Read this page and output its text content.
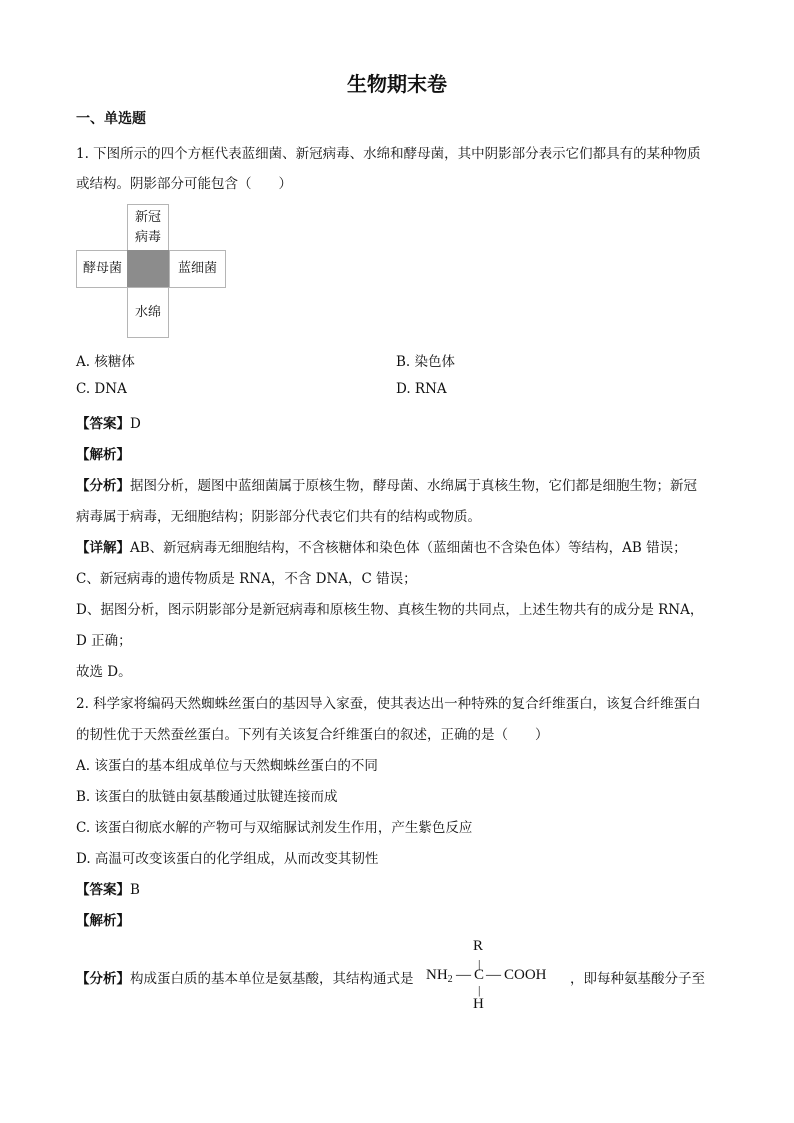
生物期末卷
一、单选题
1. 下图所示的四个方框代表蓝细菌、新冠病毒、水绵和酵母菌，其中阴影部分表示它们都具有的某种物质
或结构。阴影部分可能包含（　　）
新冠
病毒
酵母菌	蓝细菌
水绵
A. 核糖体	B. 染色体
C. DNA	D. RNA
【答案】D
【解析】
【分析】据图分析，题图中蓝细菌属于原核生物，酵母菌、水绵属于真核生物，它们都是细胞生物；新冠
病毒属于病毒，无细胞结构；阴影部分代表它们共有的结构或物质。
【详解】AB、新冠病毒无细胞结构，不含核糖体和染色体（蓝细菌也不含染色体）等结构，AB 错误；
C、新冠病毒的遗传物质是 RNA，不含 DNA，C 错误；
D、据图分析，图示阴影部分是新冠病毒和原核生物、真核生物的共同点，上述生物共有的成分是 RNA，
D 正确；
故选 D。
2. 科学家将编码天然蜘蛛丝蛋白的基因导入家蚕，使其表达出一种特殊的复合纤维蛋白，该复合纤维蛋白
的韧性优于天然蚕丝蛋白。下列有关该复合纤维蛋白的叙述，正确的是（　　）
A. 该蛋白的基本组成单位与天然蜘蛛丝蛋白的不同
B. 该蛋白的肽链由氨基酸通过肽键连接而成
C. 该蛋白彻底水解的产物可与双缩脲试剂发生作用，产生紫色反应
D. 高温可改变该蛋白的化学组成，从而改变其韧性
【答案】B
【解析】
【分析】构成蛋白质的基本单位是氨基酸，其结构通式是
R
|
$NH_2$ — C — COOH
|
H
，即每种氨基酸分子至
